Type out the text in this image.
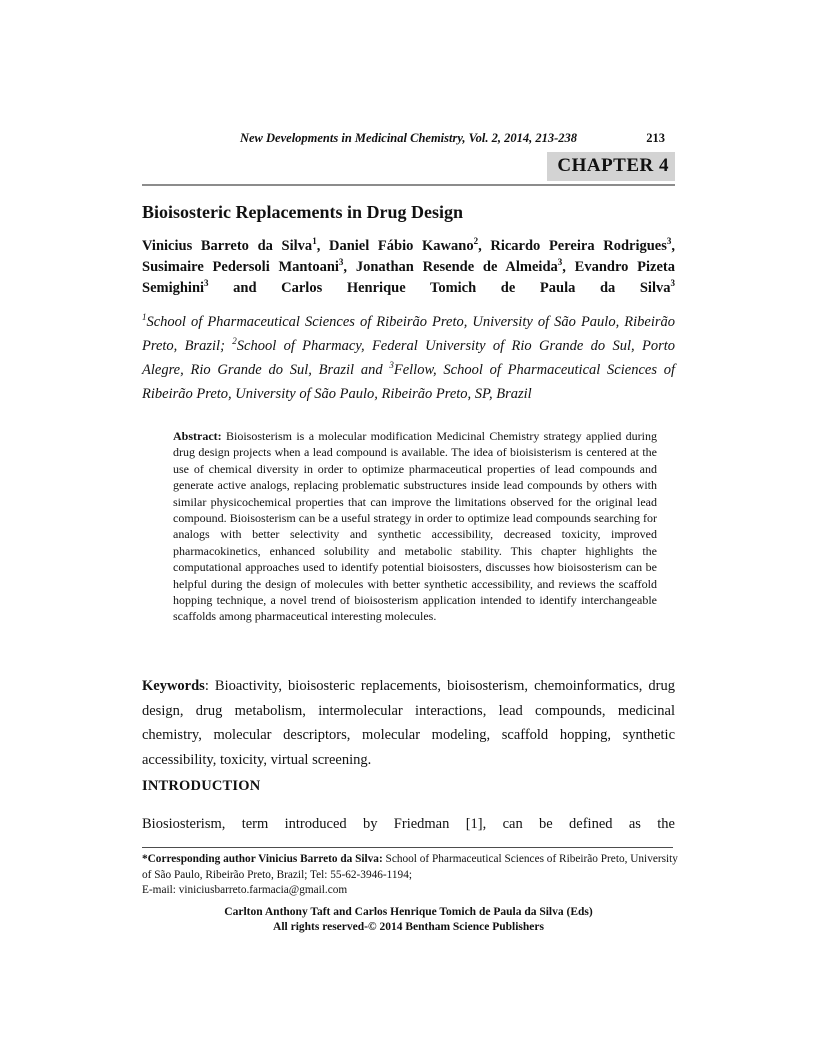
New Developments in Medicinal Chemistry, Vol. 2, 2014, 213-238	213
CHAPTER 4
Bioisosteric Replacements in Drug Design

Vinicius Barreto da Silva$^1$, Daniel Fábio Kawano$^2$, Ricardo Pereira Rodrigues$^3$, Susimaire Pedersoli Mantoani$^3$, Jonathan Resende de Almeida$^3$, Evandro Pizeta Semighini$^3$ and Carlos Henrique Tomich de Paula da Silva$^3$

$^1$School of Pharmaceutical Sciences of Ribeirão Preto, University of São Paulo, Ribeirão Preto, Brazil; $^2$School of Pharmacy, Federal University of Rio Grande do Sul, Porto Alegre, Rio Grande do Sul, Brazil and $^3$Fellow, School of Pharmaceutical Sciences of Ribeirão Preto, University of São Paulo, Ribeirão Preto, SP, Brazil

Abstract: Bioisosterism is a molecular modification Medicinal Chemistry strategy applied during drug design projects when a lead compound is available. The idea of bioisisterism is centered at the use of chemical diversity in order to optimize pharmaceutical properties of lead compounds and generate active analogs, replacing problematic substructures inside lead compounds by others with similar physicochemical properties that can improve the limitations observed for the original lead compound. Bioisosterism can be a useful strategy in order to optimize lead compounds searching for analogs with better selectivity and synthetic accessibility, decreased toxicity, improved pharmacokinetics, enhanced solubility and metabolic stability. This chapter highlights the computational approaches used to identify potential bioisosters, discusses how bioisosterism can be helpful during the design of molecules with better synthetic accessibility, and reviews the scaffold hopping technique, a novel trend of bioisosterism application intended to identify interchangeable scaffolds among pharmaceutical interesting molecules.

Keywords: Bioactivity, bioisosteric replacements, bioisosterism, chemoinformatics, drug design, drug metabolism, intermolecular interactions, lead compounds, medicinal chemistry, molecular descriptors, molecular modeling, scaffold hopping, synthetic accessibility, toxicity, virtual screening.

INTRODUCTION

Biosiosterism, term introduced by Friedman [1], can be defined as the

*Corresponding author Vinicius Barreto da Silva: School of Pharmaceutical Sciences of Ribeirão Preto, University of São Paulo, Ribeirão Preto, Brazil; Tel: 55-62-3946-1194;
E-mail: viniciusbarreto.farmacia@gmail.com

Carlton Anthony Taft and Carlos Henrique Tomich de Paula da Silva (Eds)
All rights reserved-© 2014 Bentham Science Publishers
